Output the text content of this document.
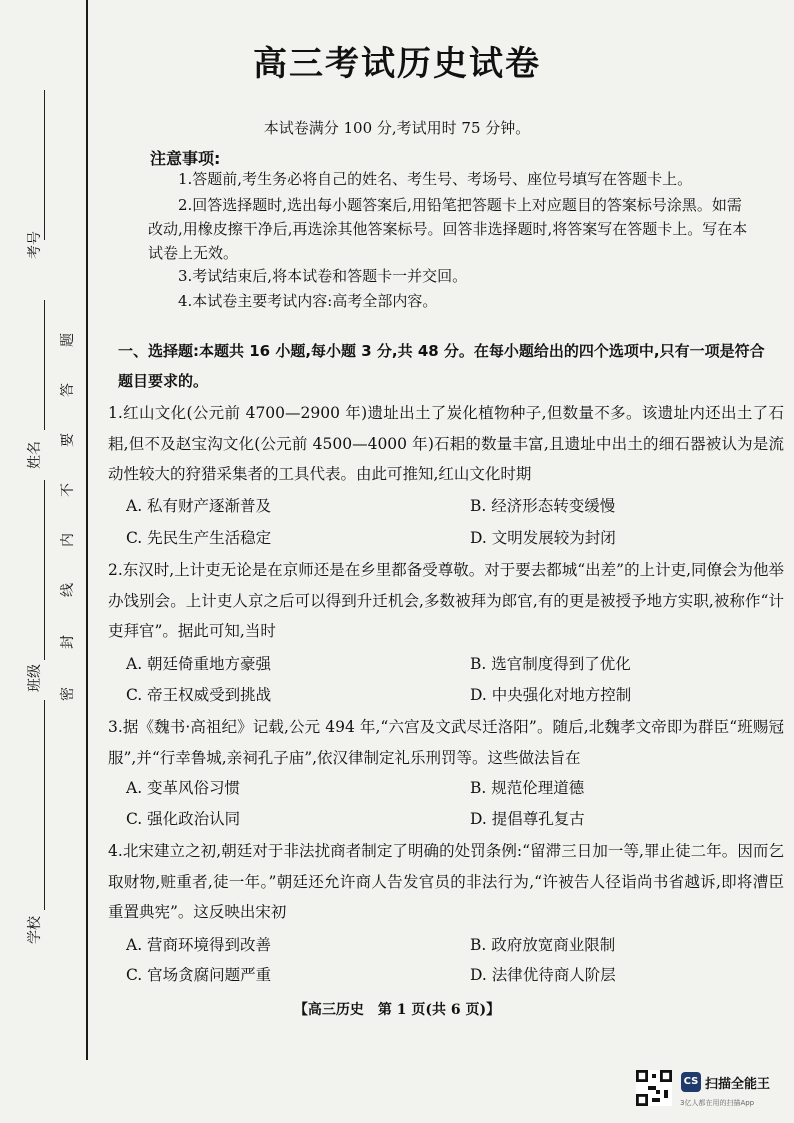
考号
姓名
班级
学校
题
答
要
不
内
线
封
密
高三考试历史试卷
本试卷满分 100 分,考试用时 75 分钟。
注意事项:
1.答题前,考生务必将自己的姓名、考生号、考场号、座位号填写在答题卡上。
2.回答选择题时,选出每小题答案后,用铅笔把答题卡上对应题目的答案标号涂黑。如需改动,用橡皮擦干净后,再选涂其他答案标号。回答非选择题时,将答案写在答题卡上。写在本试卷上无效。
3.考试结束后,将本试卷和答题卡一并交回。
4.本试卷主要考试内容:高考全部内容。
一、选择题:本题共 16 小题,每小题 3 分,共 48 分。在每小题给出的四个选项中,只有一项是符合题目要求的。
1.红山文化(公元前 4700—2900 年)遗址出土了炭化植物种子,但数量不多。该遗址内还出土了石耜,但不及赵宝沟文化(公元前 4500—4000 年)石耜的数量丰富,且遗址中出土的细石器被认为是流动性较大的狩猎采集者的工具代表。由此可推知,红山文化时期
A. 私有财产逐渐普及	B. 经济形态转变缓慢
C. 先民生产生活稳定	D. 文明发展较为封闭
2.东汉时,上计吏无论是在京师还是在乡里都备受尊敬。对于要去都城“出差”的上计吏,同僚会为他举办饯别会。上计吏人京之后可以得到升迁机会,多数被拜为郎官,有的更是被授予地方实职,被称作“计吏拜官”。据此可知,当时
A. 朝廷倚重地方豪强	B. 选官制度得到了优化
C. 帝王权威受到挑战	D. 中央强化对地方控制
3.据《魏书·高祖纪》记载,公元 494 年,“六宫及文武尽迁洛阳”。随后,北魏孝文帝即为群臣“班赐冠服”,并“行幸鲁城,亲祠孔子庙”,依汉律制定礼乐刑罚等。这些做法旨在
A. 变革风俗习惯	B. 规范伦理道德
C. 强化政治认同	D. 提倡尊孔复古
4.北宋建立之初,朝廷对于非法扰商者制定了明确的处罚条例:“留滞三日加一等,罪止徒二年。因而乞取财物,赃重者,徒一年。”朝廷还允许商人告发官员的非法行为,“许被告人径诣尚书省越诉,即将漕臣重置典宪”。这反映出宋初
A. 营商环境得到改善	B. 政府放宽商业限制
C. 官场贪腐问题严重	D. 法律优待商人阶层
【高三历史　第 1 页(共 6 页)】
CS 扫描全能王
3亿人都在用的扫描App
